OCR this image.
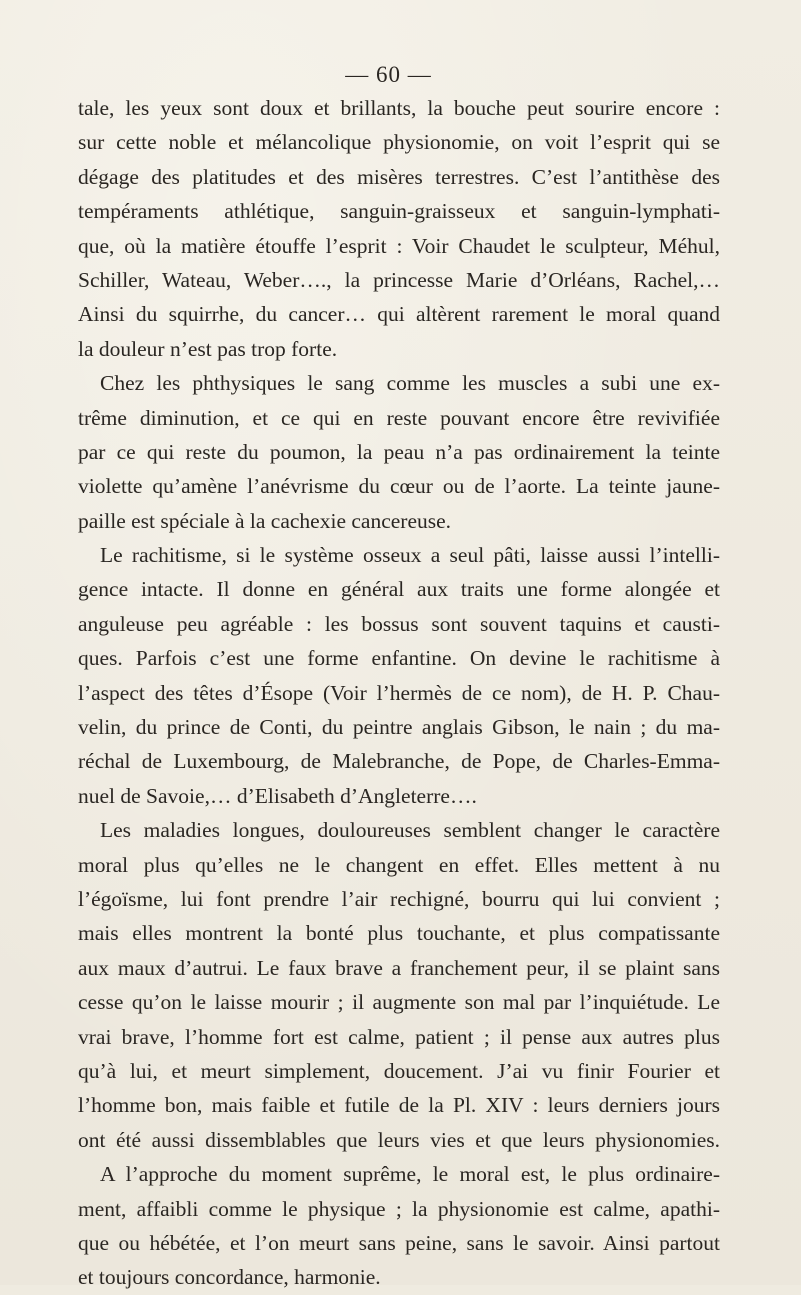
— 60 —
tale, les yeux sont doux et brillants, la bouche peut sourire encore :
sur cette noble et mélancolique physionomie, on voit l’esprit qui se
dégage des platitudes et des misères terrestres. C’est l’antithèse des
tempéraments athlétique, sanguin-graisseux et sanguin-lymphati-
que, où la matière étouffe l’esprit : Voir Chaudet le sculpteur, Méhul,
Schiller, Wateau, Weber…., la princesse Marie d’Orléans, Rachel,…
Ainsi du squirrhe, du cancer… qui altèrent rarement le moral quand
la douleur n’est pas trop forte.
Chez les phthysiques le sang comme les muscles a subi une ex-
trême diminution, et ce qui en reste pouvant encore être revivifiée
par ce qui reste du poumon, la peau n’a pas ordinairement la teinte
violette qu’amène l’anévrisme du cœur ou de l’aorte. La teinte jaune-
paille est spéciale à la cachexie cancereuse.
Le rachitisme, si le système osseux a seul pâti, laisse aussi l’intelli-
gence intacte. Il donne en général aux traits une forme alongée et
anguleuse peu agréable : les bossus sont souvent taquins et causti-
ques. Parfois c’est une forme enfantine. On devine le rachitisme à
l’aspect des têtes d’Ésope (Voir l’hermès de ce nom), de H. P. Chau-
velin, du prince de Conti, du peintre anglais Gibson, le nain ; du ma-
réchal de Luxembourg, de Malebranche, de Pope, de Charles-Emma-
nuel de Savoie,… d’Elisabeth d’Angleterre….
Les maladies longues, douloureuses semblent changer le caractère
moral plus qu’elles ne le changent en effet. Elles mettent à nu
l’égoïsme, lui font prendre l’air rechigné, bourru qui lui convient ;
mais elles montrent la bonté plus touchante, et plus compatissante
aux maux d’autrui. Le faux brave a franchement peur, il se plaint sans
cesse qu’on le laisse mourir ; il augmente son mal par l’inquiétude. Le
vrai brave, l’homme fort est calme, patient ; il pense aux autres plus
qu’à lui, et meurt simplement, doucement. J’ai vu finir Fourier et
l’homme bon, mais faible et futile de la Pl. XIV : leurs derniers jours
ont été aussi dissemblables que leurs vies et que leurs physionomies.
A l’approche du moment suprême, le moral est, le plus ordinaire-
ment, affaibli comme le physique ; la physionomie est calme, apathi-
que ou hébétée, et l’on meurt sans peine, sans le savoir. Ainsi partout
et toujours concordance, harmonie.
